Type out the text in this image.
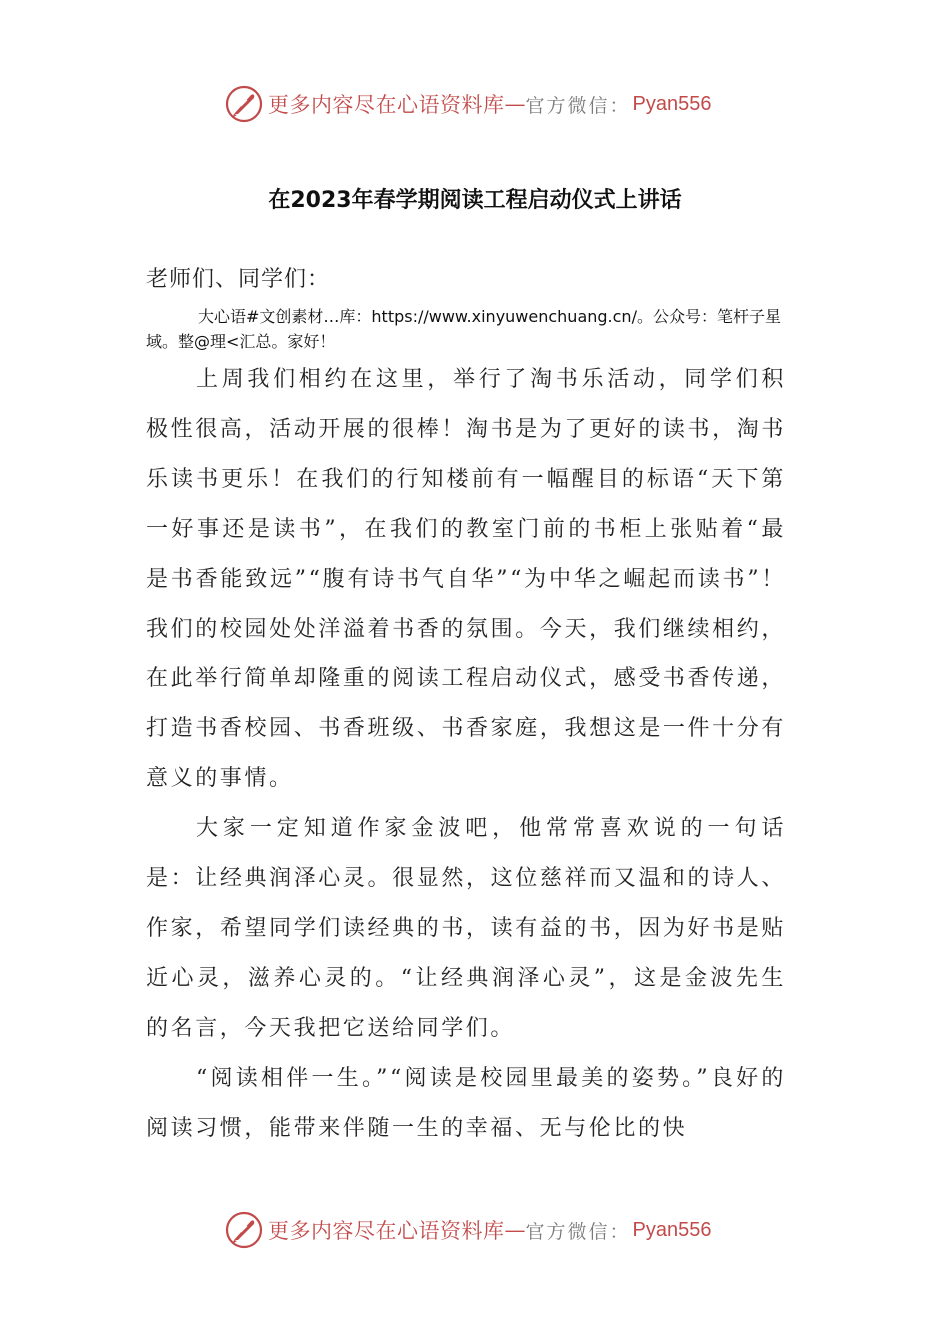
更多内容尽在心语资料库 — 官方微信： Pyan556
在2023年春学期阅读工程启动仪式上讲话
老师们、同学们：
大心语#文创素材…库：https://www.xinyuwenchuang.cn/。公众号：笔杆子星域。整@理<汇总。家好！

上周我们相约在这里，举行了淘书乐活动，同学们积极性很高，活动开展的很棒！淘书是为了更好的读书，淘书乐读书更乐！在我们的行知楼前有一幅醒目的标语“天下第一好事还是读书”，在我们的教室门前的书柜上张贴着“最是书香能致远”“腹有诗书气自华”“为中华之崛起而读书”！我们的校园处处洋溢着书香的氛围。今天，我们继续相约，在此举行简单却隆重的阅读工程启动仪式，感受书香传递，打造书香校园、书香班级、书香家庭，我想这是一件十分有意义的事情。

大家一定知道作家金波吧，他常常喜欢说的一句话是：让经典润泽心灵。很显然，这位慈祥而又温和的诗人、作家，希望同学们读经典的书，读有益的书，因为好书是贴近心灵，滋养心灵的。“让经典润泽心灵”，这是金波先生的名言，今天我把它送给同学们。

“阅读相伴一生。”“阅读是校园里最美的姿势。”良好的阅读习惯，能带来伴随一生的幸福、无与伦比的快

更多内容尽在心语资料库 — 官方微信： Pyan556
